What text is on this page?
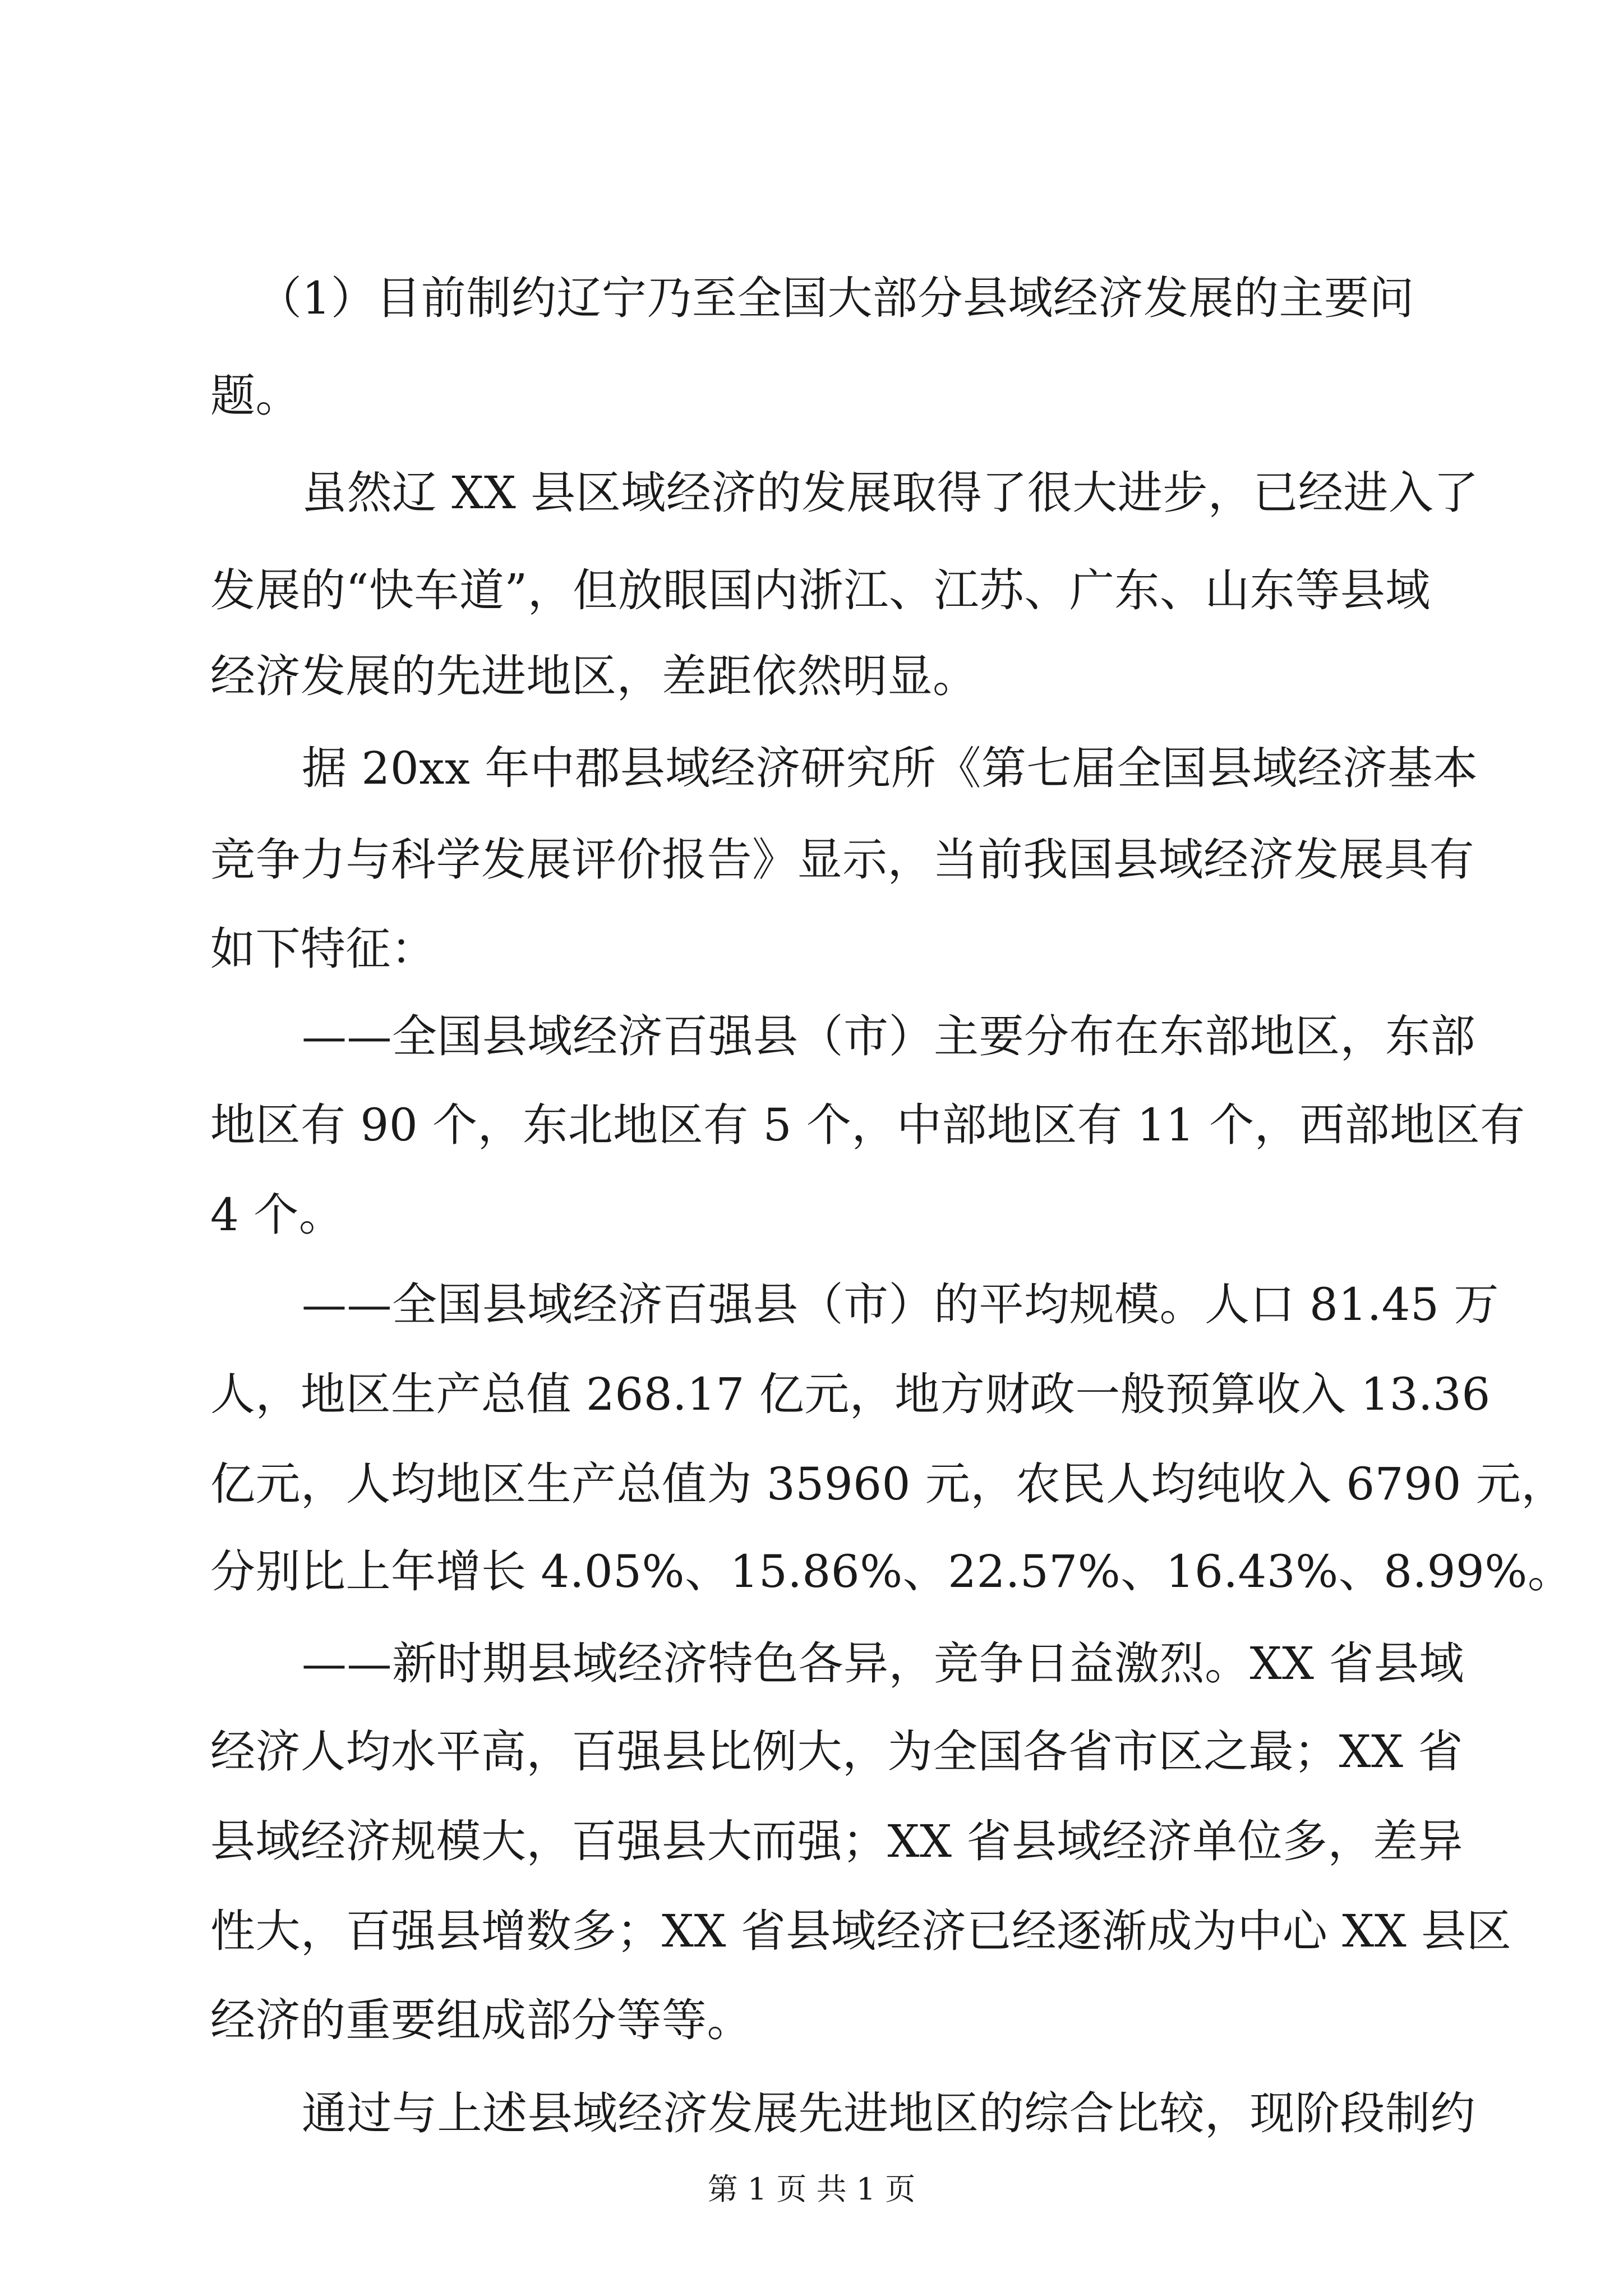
（1）目前制约辽宁乃至全国大部分县域经济发展的主要问
题。
虽然辽 XX 县区域经济的发展取得了很大进步，已经进入了
发展的“快车道”，但放眼国内浙江、江苏、广东、山东等县域
经济发展的先进地区，差距依然明显。
据 20xx 年中郡县域经济研究所《第七届全国县域经济基本
竞争力与科学发展评价报告》显示，当前我国县域经济发展具有
如下特征：
——全国县域经济百强县（市）主要分布在东部地区，东部
地区有 90 个，东北地区有 5 个，中部地区有 11 个，西部地区有
4 个。
——全国县域经济百强县（市）的平均规模。人口 81.45 万
人，地区生产总值 268.17 亿元，地方财政一般预算收入 13.36
亿元，人均地区生产总值为 35960 元，农民人均纯收入 6790 元，
分别比上年增长 4.05%、15.86%、22.57%、16.43%、8.99%。
——新时期县域经济特色各异，竞争日益激烈。XX 省县域
经济人均水平高，百强县比例大，为全国各省市区之最；XX 省
县域经济规模大，百强县大而强；XX 省县域经济单位多，差异
性大，百强县增数多；XX 省县域经济已经逐渐成为中心 XX 县区
经济的重要组成部分等等。
通过与上述县域经济发展先进地区的综合比较，现阶段制约
第 1 页 共 1 页
